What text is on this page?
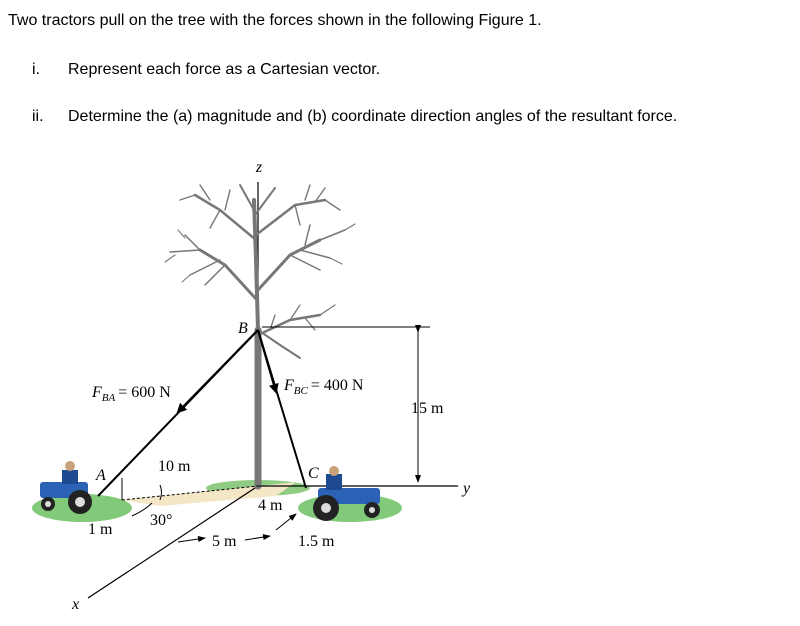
Two tractors pull on the tree with the forces shown in the following Figure 1.
i. Represent each force as a Cartesian vector.
ii. Determine the (a) magnitude and (b) coordinate direction angles of the resultant force.
z
y
x
B
A	C
$F_{BA} = 600$ N	$F_{BC} = 400$ N
15 m
10 m
1 m
30°
5 m
4 m
1.5 m
